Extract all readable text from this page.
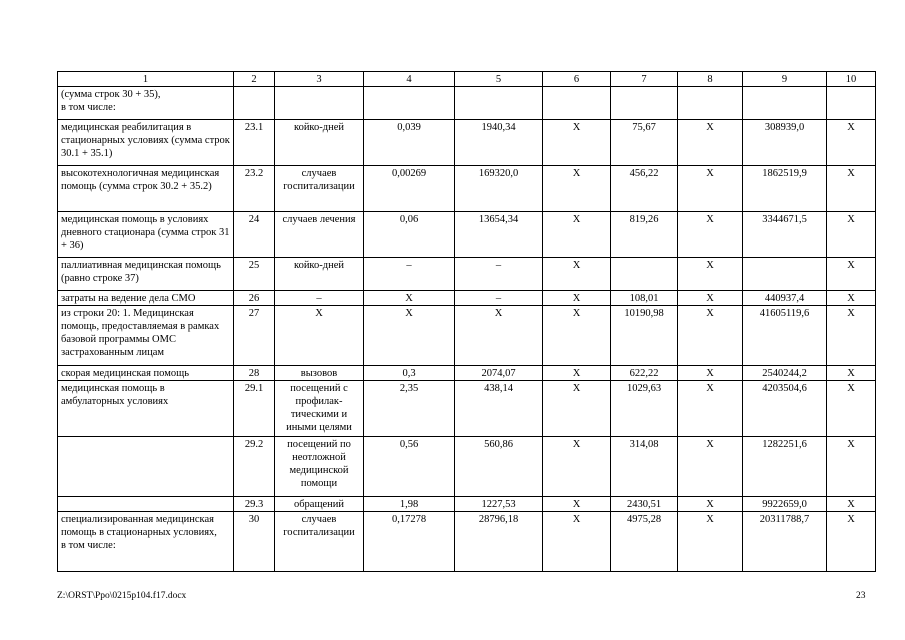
1	2	3	4	5	6	7	8	9	10
(сумма строк 30 + 35),
в том числе:									
медицинская реабилитация в стационарных условиях (сумма строк 30.1 + 35.1)	23.1	койко-дней	0,039	1940,34	X	75,67	X	308939,0	X
высокотехнологичная медицинская помощь (сумма строк 30.2 + 35.2)	23.2	случаев госпитализации	0,00269	169320,0	X	456,22	X	1862519,9	X
медицинская помощь в условиях дневного стационара (сумма строк 31 + 36)	24	случаев лечения	0,06	13654,34	X	819,26	X	3344671,5	X
паллиативная медицинская помощь (равно строке 37)	25	койко-дней	–	–	X		X		X
затраты на ведение дела СМО	26	–	X	–	X	108,01	X	440937,4	X
из строки 20: 1. Медицинская помощь, предоставляемая в рамках базовой программы ОМС застрахованным лицам	27	X	X	X	X	10190,98	X	41605119,6	X
скорая медицинская помощь	28	вызовов	0,3	2074,07	X	622,22	X	2540244,2	X
медицинская помощь в амбулаторных условиях	29.1	посещений с профилак-тическими и иными целями	2,35	438,14	X	1029,63	X	4203504,6	X
	29.2	посещений по неотложной медицинской помощи	0,56	560,86	X	314,08	X	1282251,6	X
	29.3	обращений	1,98	1227,53	X	2430,51	X	9922659,0	X
специализированная медицинская помощь в стационарных условиях,
в том числе:	30	случаев госпитализации	0,17278	28796,18	X	4975,28	X	20311788,7	X
Z:\ORST\Ppo\0215p104.f17.docx	23
